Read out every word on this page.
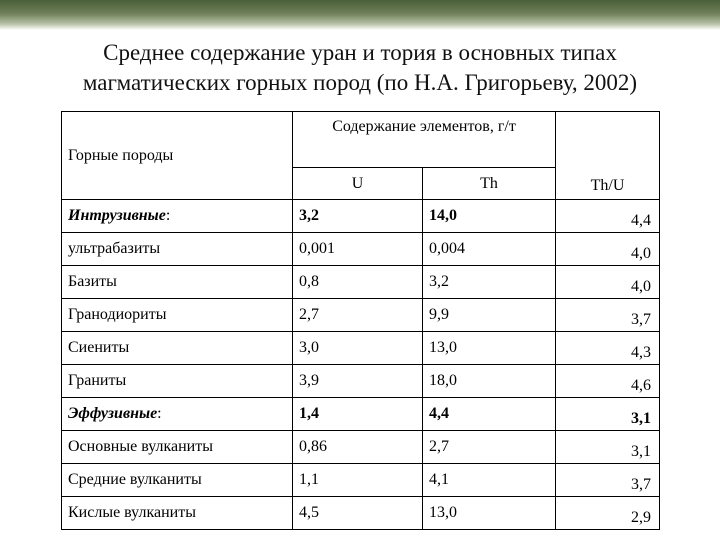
Среднее содержание уран и тория в основных типах
магматических горных пород (по Н.А. Григорьеву, 2002)
Горные породы	Содержание элементов, г/т		Th/U
	U	Th	
Интрузивные:	3,2	14,0	4,4
ультрабазиты	0,001	0,004	4,0
Базиты	0,8	3,2	4,0
Гранодиориты	2,7	9,9	3,7
Сиениты	3,0	13,0	4,3
Граниты	3,9	18,0	4,6
Эффузивные:	1,4	4,4	3,1
Основные вулканиты	0,86	2,7	3,1
Средние вулканиты	1,1	4,1	3,7
Кислые вулканиты	4,5	13,0	2,9
